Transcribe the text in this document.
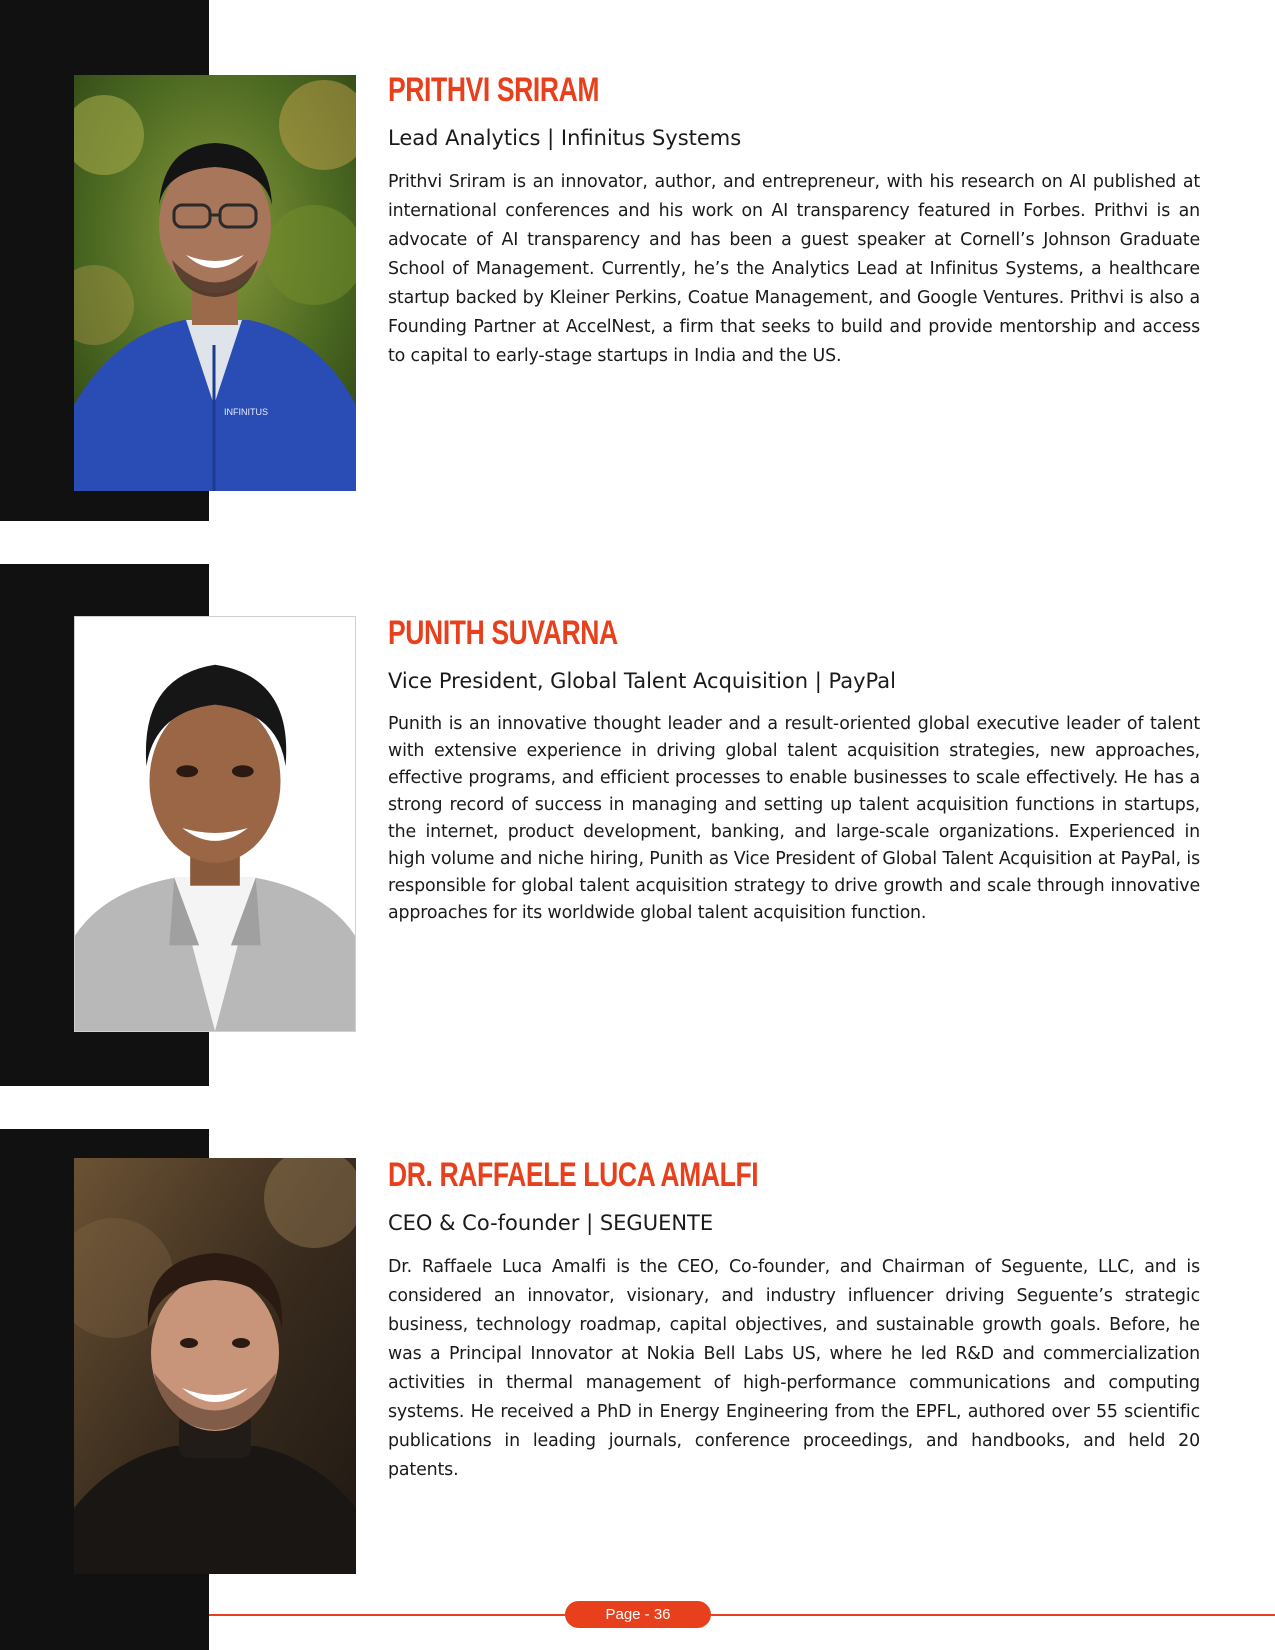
INFINITUS
PRITHVI SRIRAM
Lead Analytics | Infinitus Systems

Prithvi Sriram is an innovator, author, and entrepreneur, with his research on AI published at international conferences and his work on AI transparency featured in Forbes. Prithvi is an advocate of AI transparency and has been a guest speaker at Cornell’s Johnson Graduate School of Management. Currently, he’s the Analytics Lead at Infinitus Systems, a healthcare startup backed by Kleiner Perkins, Coatue Management, and Google Ventures. Prithvi is also a Founding Partner at AccelNest, a firm that seeks to build and provide mentorship and access to capital to early-stage startups in India and the US.

PUNITH SUVARNA
Vice President, Global Talent Acquisition | PayPal

Punith is an innovative thought leader and a result-oriented global executive leader of talent with extensive experience in driving global talent acquisition strategies, new approaches, effective programs, and efficient processes to enable businesses to scale effectively. He has a strong record of success in managing and setting up talent acquisition functions in startups, the internet, product development, banking, and large-scale organizations. Experienced in high volume and niche hiring, Punith as Vice President of Global Talent Acquisition at PayPal, is responsible for global talent acquisition strategy to drive growth and scale through innovative approaches for its worldwide global talent acquisition function.

DR. RAFFAELE LUCA AMALFI
CEO & Co-founder | SEGUENTE

Dr. Raffaele Luca Amalfi is the CEO, Co-founder, and Chairman of Seguente, LLC, and is considered an innovator, visionary, and industry influencer driving Seguente’s strategic business, technology roadmap, capital objectives, and sustainable growth goals. Before, he was a Principal Innovator at Nokia Bell Labs US, where he led R&D and commercialization activities in thermal management of high-performance communications and computing systems. He received a PhD in Energy Engineering from the EPFL, authored over 55 scientific publications in leading journals, conference proceedings, and handbooks, and held 20 patents.

Page - 36
